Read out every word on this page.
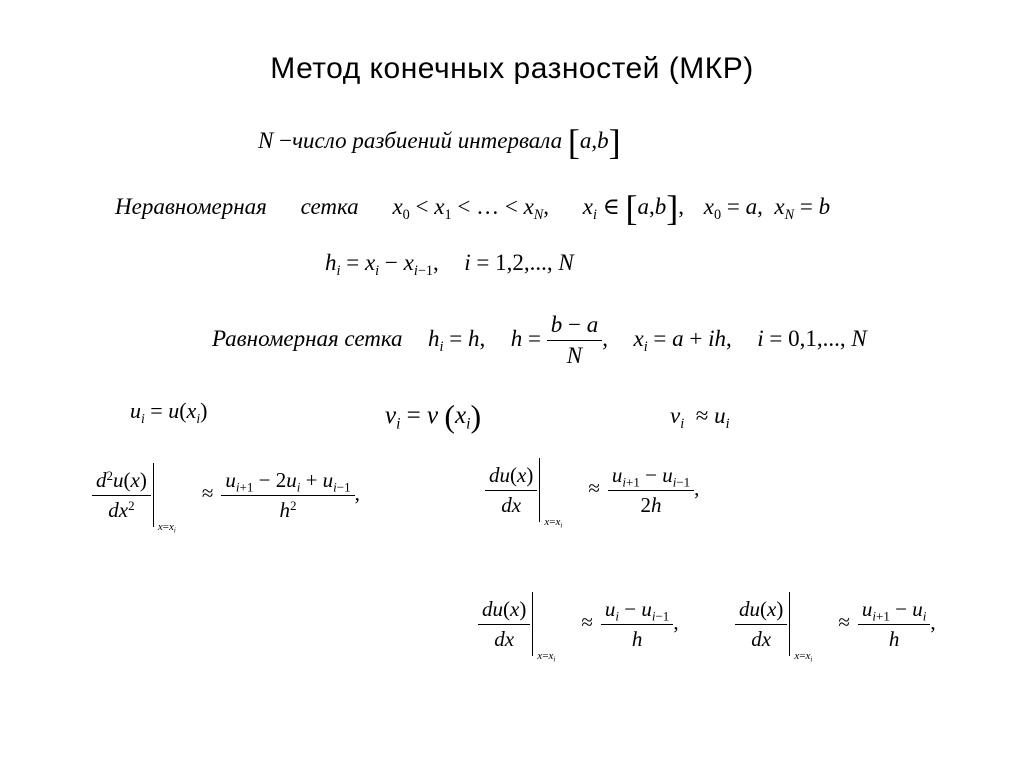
Метод конечных разностей (МКР)
N −число разбиений интервала [a,b]
Неравномерная сетка $x_0 < x_1$ < … < $x_N$, $x_i$ ∈ [a,b], $x_0 = a$,  $x_N = b$
$h_i = x_i - x_{i-1}$,  i = 1,2,..., N
Равномерная сетка  $h_i = h$,  $h = \frac{b - a}{N}$ ,  $x_i = a$ + ih,  i = 0,1,..., N
$u_i = u(x_i)$	$v_i = v$ $(x_i)$	$v_i \approx u_i$
$\frac{d^2u(x)}{dx^2}$
$x=x_i$
≈ $\frac{u_{i+1} - 2u_i + u_{i-1}}{h^2}$ ,	$\frac{du(x)}{dx}$
$x=x_i$
≈ $\frac{u_{i+1} - u_{i-1}}{2h}$ ,
$\frac{du(x)}{dx}$
$x=x_i$
≈ $\frac{u_i - u_{i-1}}{h}$ ,	$\frac{du(x)}{dx}$
$x=x_i$
≈ $\frac{u_{i+1} - u_i}{h}$ ,
